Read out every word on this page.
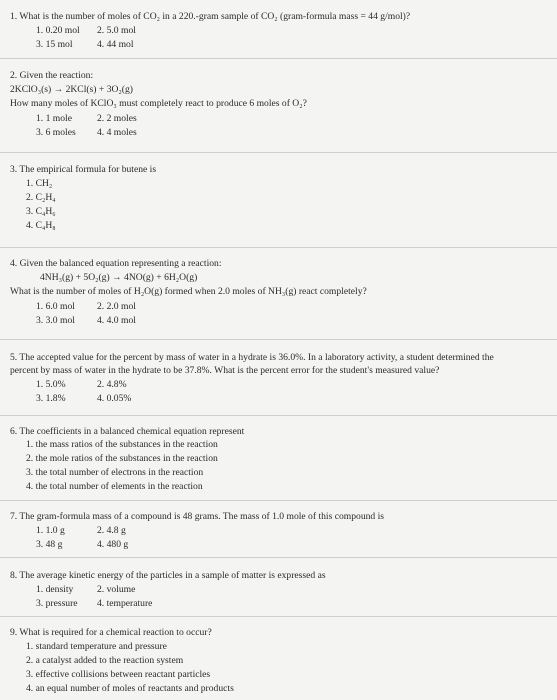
1. What is the number of moles of CO₂ in a 220.-gram sample of CO₂ (gram-formula mass = 44 g/mol)?
1. 0.20 mol 2. 5.0 mol
3. 15 mol	4. 44 mol
2. Given the reaction:
2KClO₃(s) → 2KCl(s) + 3O₂(g)
How many moles of KClO₃ must completely react to produce 6 moles of O₂?
1. 1 mole	2. 2 moles
3. 6 moles 4. 4 moles
3. The empirical formula for butene is
1. CH₂
2. C₂H₄
3. C₄H₆
4. C₄H₈
4. Given the balanced equation representing a reaction:
4NH₃(g) + 5O₂(g) → 4NO(g) + 6H₂O(g)
What is the number of moles of H₂O(g) formed when 2.0 moles of NH₃(g) react completely?
1. 6.0 mol 2. 2.0 mol
3. 3.0 mol 4. 4.0 mol
5. The accepted value for the percent by mass of water in a hydrate is 36.0%. In a laboratory activity, a student determined the
percent by mass of water in the hydrate to be 37.8%. What is the percent error for the student's measured value?
1. 5.0%	2. 4.8%
3. 1.8%	4. 0.05%
6. The coefficients in a balanced chemical equation represent
1. the mass ratios of the substances in the reaction
2. the mole ratios of the substances in the reaction
3. the total number of electrons in the reaction
4. the total number of elements in the reaction
7. The gram-formula mass of a compound is 48 grams. The mass of 1.0 mole of this compound is
1. 1.0 g	2. 4.8 g
3. 48 g	4. 480 g
8. The average kinetic energy of the particles in a sample of matter is expressed as
1. density 2. volume
3. pressure 4. temperature
9. What is required for a chemical reaction to occur?
1. standard temperature and pressure
2. a catalyst added to the reaction system
3. effective collisions between reactant particles
4. an equal number of moles of reactants and products
